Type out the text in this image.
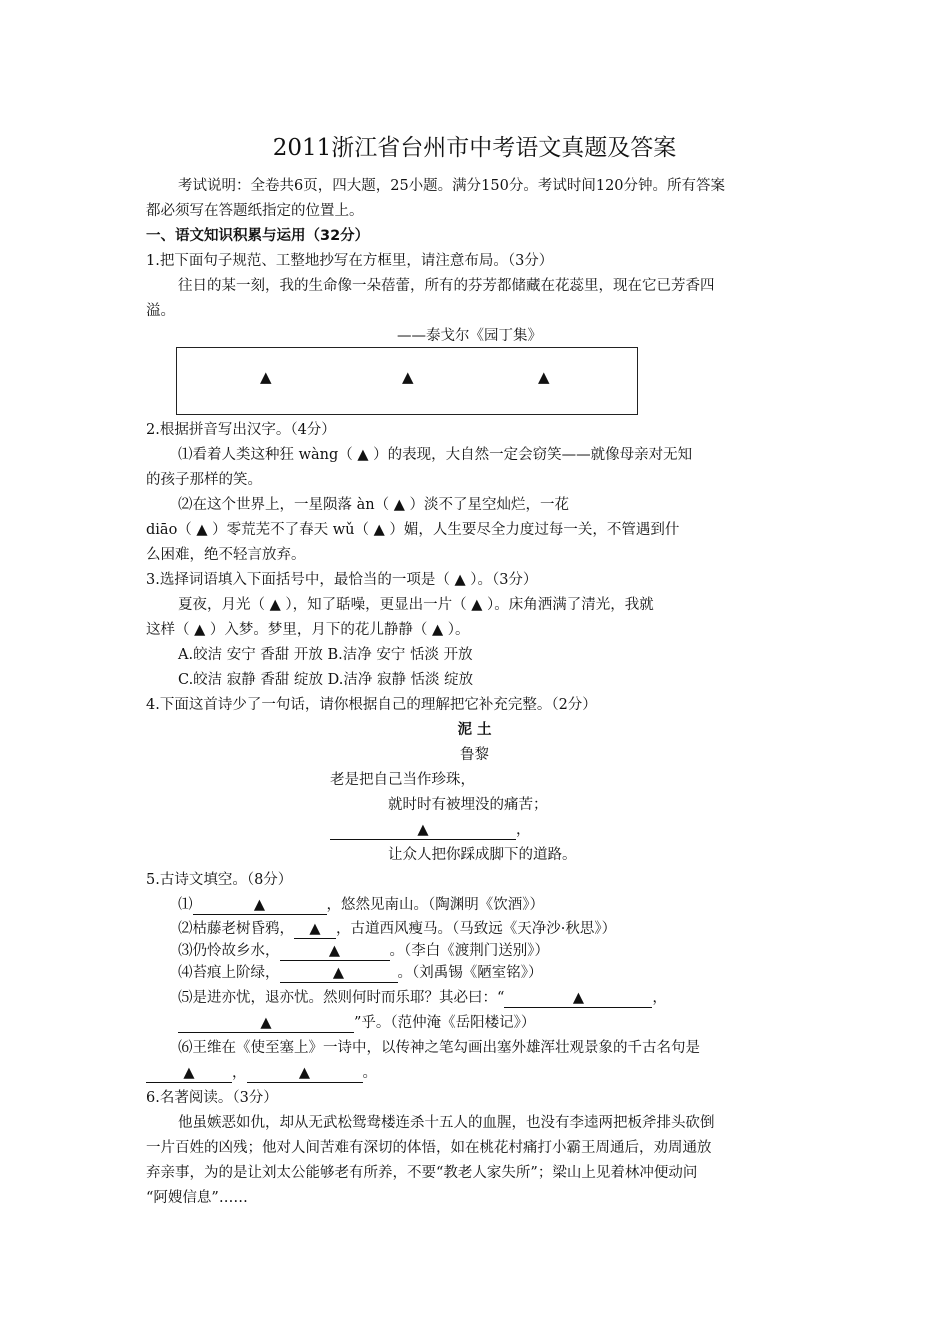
2011浙江省台州市中考语文真题及答案
考试说明：全卷共6页，四大题，25小题。满分150分。考试时间120分钟。所有答案
都必须写在答题纸指定的位置上。
一、语文知识积累与运用（32分）
1.把下面句子规范、工整地抄写在方框里，请注意布局。（3分）
往日的某一刻，我的生命像一朵蓓蕾，所有的芬芳都储藏在花蕊里，现在它已芳香四
溢。
——泰戈尔《园丁集》
▲	▲	▲
2.根据拼音写出汉字。（4分）
⑴看着人类这种狂 wàng（ ▲ ）的表现，大自然一定会窃笑——就像母亲对无知
的孩子那样的笑。
⑵在这个世界上，一星陨落 àn（ ▲ ）淡不了星空灿烂，一花
diāo（ ▲ ）零荒芜不了春天 wǔ（ ▲ ）媚，人生要尽全力度过每一关，不管遇到什
么困难，绝不轻言放弃。
3.选择词语填入下面括号中，最恰当的一项是（ ▲ ）。（3分）
夏夜，月光（ ▲ ），知了聒噪，更显出一片（ ▲ ）。床角洒满了清光，我就
这样（ ▲ ）入梦。梦里，月下的花儿静静（ ▲ ）。
A.皎洁 安宁 香甜 开放 B.洁净 安宁 恬淡 开放
C.皎洁 寂静 香甜 绽放 D.洁净 寂静 恬淡 绽放
4.下面这首诗少了一句话，请你根据自己的理解把它补充完整。（2分）
泥 土
鲁黎
老是把自己当作珍珠，
就时时有被埋没的痛苦；
▲	，
让众人把你踩成脚下的道路。
5.古诗文填空。（8分）
⑴	▲	，悠然见南山。（陶渊明《饮酒》）
⑵枯藤老树昏鸦， ▲ ，古道西风瘦马。（马致远《天净沙·秋思》）
⑶仍怜故乡水，	▲	。（李白《渡荆门送别》）
⑷苔痕上阶绿，	▲	。（刘禹锡《陋室铭》）
⑸是进亦忧，退亦忧。然则何时而乐耶？其必曰：“	▲	，
▲	”乎。（范仲淹《岳阳楼记》）
⑹王维在《使至塞上》一诗中，以传神之笔勾画出塞外雄浑壮观景象的千古名句是
▲	，	▲	。
6.名著阅读。（3分）
他虽嫉恶如仇，却从无武松鸳鸯楼连杀十五人的血腥，也没有李逵两把板斧排头砍倒
一片百姓的凶残；他对人间苦难有深切的体悟，如在桃花村痛打小霸王周通后，劝周通放
弃亲事，为的是让刘太公能够老有所养，不要“教老人家失所”；梁山上见着林冲便动问
“阿嫂信息”……
